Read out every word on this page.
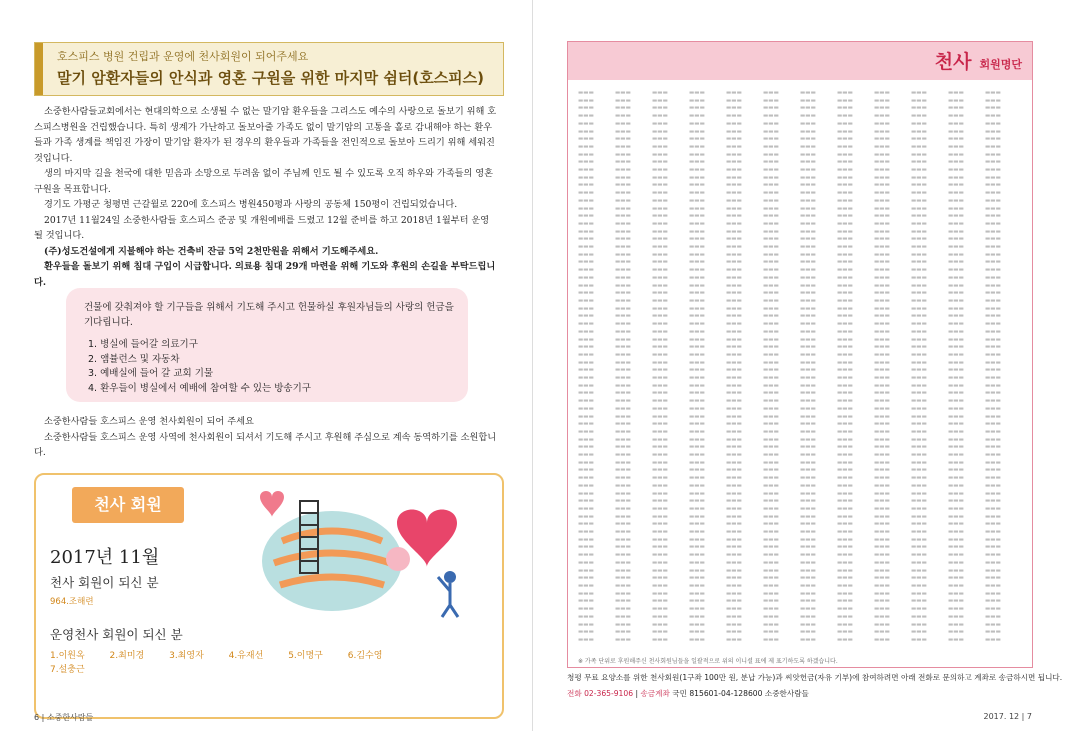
호스피스 병원 건립과 운영에 천사회원이 되어주세요
말기 암환자들의 안식과 영혼 구원을 위한 마지막 쉼터(호스피스)

소중한사람들교회에서는 현대의학으로 소생될 수 없는 말기암 환우들을 그리스도 예수의 사랑으로 돌보기 위해 호스피스병원을 건립했습니다. 특히 생계가 가난하고 돌보아줄 가족도 없이 말기암의 고통을 홀로 감내해야 하는 환우들과 가족 생계를 책임진 가장이 말기암 환자가 된 경우의 환우들과 가족들을 전인적으로 돌보아 드리기 위해 세워진 것입니다.

생의 마지막 길을 천국에 대한 믿음과 소망으로 두려움 없이 주님께 인도 될 수 있도록 오직 하우와 가족들의 영혼 구원을 목표합니다.

경기도 가평군 청평면 근갈월로 220에 호스피스 병원450평과 사랑의 공동체 150평이 건립되었습니다.

2017년 11월24일 소중한사람들 호스피스 준공 및 개원예배를 드렸고 12월 준비를 하고 2018년 1월부터 운영될 것입니다.

(주)성도건설에게 지불해야 하는 건축비 잔금 5억 2천만원을 위해서 기도해주세요.

환우들을 돌보기 위해 침대 구입이 시급합니다. 의료용 침대 29개 마련을 위해 기도와 후원의 손길을 부탁드립니다.

건물에 갖춰져야 할 기구들을 위해서 기도해 주시고 헌물하실 후원자님들의 사랑의 헌금을 기다립니다.
1. 병실에 들어갈 의료기구
2. 앰뷸런스 및 자동차
3. 예배실에 들어 갈 교회 기물
4. 환우들이 병실에서 예배에 참여할 수 있는 방송기구

소중한사람들 호스피스 운영 천사회원이 되어 주세요

소중한사람들 호스피스 운영 사역에 천사회원이 되셔서 기도해 주시고 후원해 주심으로 계속 동역하기를 소원합니다.

천사 회원
2017년 11월
천사 회원이 되신 분
964.조해련
운영천사 회원이 되신 분
1.이원옥	2.최미경	3.최영자	4.유재선	5.이명구	6.김수영
7.설충근
6 | 소중한사람들
천사 회원명단
▬▬▬	▬▬▬	▬▬▬	▬▬▬	▬▬▬	▬▬▬	▬▬▬	▬▬▬	▬▬▬	▬▬▬	▬▬▬	▬▬▬
▬▬▬	▬▬▬	▬▬▬	▬▬▬	▬▬▬	▬▬▬	▬▬▬	▬▬▬	▬▬▬	▬▬▬	▬▬▬	▬▬▬
▬▬▬	▬▬▬	▬▬▬	▬▬▬	▬▬▬	▬▬▬	▬▬▬	▬▬▬	▬▬▬	▬▬▬	▬▬▬	▬▬▬
▬▬▬	▬▬▬	▬▬▬	▬▬▬	▬▬▬	▬▬▬	▬▬▬	▬▬▬	▬▬▬	▬▬▬	▬▬▬	▬▬▬
▬▬▬	▬▬▬	▬▬▬	▬▬▬	▬▬▬	▬▬▬	▬▬▬	▬▬▬	▬▬▬	▬▬▬	▬▬▬	▬▬▬
▬▬▬	▬▬▬	▬▬▬	▬▬▬	▬▬▬	▬▬▬	▬▬▬	▬▬▬	▬▬▬	▬▬▬	▬▬▬	▬▬▬
▬▬▬	▬▬▬	▬▬▬	▬▬▬	▬▬▬	▬▬▬	▬▬▬	▬▬▬	▬▬▬	▬▬▬	▬▬▬	▬▬▬
▬▬▬	▬▬▬	▬▬▬	▬▬▬	▬▬▬	▬▬▬	▬▬▬	▬▬▬	▬▬▬	▬▬▬	▬▬▬	▬▬▬
▬▬▬	▬▬▬	▬▬▬	▬▬▬	▬▬▬	▬▬▬	▬▬▬	▬▬▬	▬▬▬	▬▬▬	▬▬▬	▬▬▬
▬▬▬	▬▬▬	▬▬▬	▬▬▬	▬▬▬	▬▬▬	▬▬▬	▬▬▬	▬▬▬	▬▬▬	▬▬▬	▬▬▬
▬▬▬	▬▬▬	▬▬▬	▬▬▬	▬▬▬	▬▬▬	▬▬▬	▬▬▬	▬▬▬	▬▬▬	▬▬▬	▬▬▬
▬▬▬	▬▬▬	▬▬▬	▬▬▬	▬▬▬	▬▬▬	▬▬▬	▬▬▬	▬▬▬	▬▬▬	▬▬▬	▬▬▬
▬▬▬	▬▬▬	▬▬▬	▬▬▬	▬▬▬	▬▬▬	▬▬▬	▬▬▬	▬▬▬	▬▬▬	▬▬▬	▬▬▬
▬▬▬	▬▬▬	▬▬▬	▬▬▬	▬▬▬	▬▬▬	▬▬▬	▬▬▬	▬▬▬	▬▬▬	▬▬▬	▬▬▬
▬▬▬	▬▬▬	▬▬▬	▬▬▬	▬▬▬	▬▬▬	▬▬▬	▬▬▬	▬▬▬	▬▬▬	▬▬▬	▬▬▬
▬▬▬	▬▬▬	▬▬▬	▬▬▬	▬▬▬	▬▬▬	▬▬▬	▬▬▬	▬▬▬	▬▬▬	▬▬▬	▬▬▬
▬▬▬	▬▬▬	▬▬▬	▬▬▬	▬▬▬	▬▬▬	▬▬▬	▬▬▬	▬▬▬	▬▬▬	▬▬▬	▬▬▬
▬▬▬	▬▬▬	▬▬▬	▬▬▬	▬▬▬	▬▬▬	▬▬▬	▬▬▬	▬▬▬	▬▬▬	▬▬▬	▬▬▬
▬▬▬	▬▬▬	▬▬▬	▬▬▬	▬▬▬	▬▬▬	▬▬▬	▬▬▬	▬▬▬	▬▬▬	▬▬▬	▬▬▬
▬▬▬	▬▬▬	▬▬▬	▬▬▬	▬▬▬	▬▬▬	▬▬▬	▬▬▬	▬▬▬	▬▬▬	▬▬▬	▬▬▬
▬▬▬	▬▬▬	▬▬▬	▬▬▬	▬▬▬	▬▬▬	▬▬▬	▬▬▬	▬▬▬	▬▬▬	▬▬▬	▬▬▬
▬▬▬	▬▬▬	▬▬▬	▬▬▬	▬▬▬	▬▬▬	▬▬▬	▬▬▬	▬▬▬	▬▬▬	▬▬▬	▬▬▬
▬▬▬	▬▬▬	▬▬▬	▬▬▬	▬▬▬	▬▬▬	▬▬▬	▬▬▬	▬▬▬	▬▬▬	▬▬▬	▬▬▬
▬▬▬	▬▬▬	▬▬▬	▬▬▬	▬▬▬	▬▬▬	▬▬▬	▬▬▬	▬▬▬	▬▬▬	▬▬▬	▬▬▬
▬▬▬	▬▬▬	▬▬▬	▬▬▬	▬▬▬	▬▬▬	▬▬▬	▬▬▬	▬▬▬	▬▬▬	▬▬▬	▬▬▬
▬▬▬	▬▬▬	▬▬▬	▬▬▬	▬▬▬	▬▬▬	▬▬▬	▬▬▬	▬▬▬	▬▬▬	▬▬▬	▬▬▬
▬▬▬	▬▬▬	▬▬▬	▬▬▬	▬▬▬	▬▬▬	▬▬▬	▬▬▬	▬▬▬	▬▬▬	▬▬▬	▬▬▬
▬▬▬	▬▬▬	▬▬▬	▬▬▬	▬▬▬	▬▬▬	▬▬▬	▬▬▬	▬▬▬	▬▬▬	▬▬▬	▬▬▬
▬▬▬	▬▬▬	▬▬▬	▬▬▬	▬▬▬	▬▬▬	▬▬▬	▬▬▬	▬▬▬	▬▬▬	▬▬▬	▬▬▬
▬▬▬	▬▬▬	▬▬▬	▬▬▬	▬▬▬	▬▬▬	▬▬▬	▬▬▬	▬▬▬	▬▬▬	▬▬▬	▬▬▬
▬▬▬	▬▬▬	▬▬▬	▬▬▬	▬▬▬	▬▬▬	▬▬▬	▬▬▬	▬▬▬	▬▬▬	▬▬▬	▬▬▬
▬▬▬	▬▬▬	▬▬▬	▬▬▬	▬▬▬	▬▬▬	▬▬▬	▬▬▬	▬▬▬	▬▬▬	▬▬▬	▬▬▬
▬▬▬	▬▬▬	▬▬▬	▬▬▬	▬▬▬	▬▬▬	▬▬▬	▬▬▬	▬▬▬	▬▬▬	▬▬▬	▬▬▬
▬▬▬	▬▬▬	▬▬▬	▬▬▬	▬▬▬	▬▬▬	▬▬▬	▬▬▬	▬▬▬	▬▬▬	▬▬▬	▬▬▬
▬▬▬	▬▬▬	▬▬▬	▬▬▬	▬▬▬	▬▬▬	▬▬▬	▬▬▬	▬▬▬	▬▬▬	▬▬▬	▬▬▬
▬▬▬	▬▬▬	▬▬▬	▬▬▬	▬▬▬	▬▬▬	▬▬▬	▬▬▬	▬▬▬	▬▬▬	▬▬▬	▬▬▬
▬▬▬	▬▬▬	▬▬▬	▬▬▬	▬▬▬	▬▬▬	▬▬▬	▬▬▬	▬▬▬	▬▬▬	▬▬▬	▬▬▬
▬▬▬	▬▬▬	▬▬▬	▬▬▬	▬▬▬	▬▬▬	▬▬▬	▬▬▬	▬▬▬	▬▬▬	▬▬▬	▬▬▬
▬▬▬	▬▬▬	▬▬▬	▬▬▬	▬▬▬	▬▬▬	▬▬▬	▬▬▬	▬▬▬	▬▬▬	▬▬▬	▬▬▬
▬▬▬	▬▬▬	▬▬▬	▬▬▬	▬▬▬	▬▬▬	▬▬▬	▬▬▬	▬▬▬	▬▬▬	▬▬▬	▬▬▬
▬▬▬	▬▬▬	▬▬▬	▬▬▬	▬▬▬	▬▬▬	▬▬▬	▬▬▬	▬▬▬	▬▬▬	▬▬▬	▬▬▬
▬▬▬	▬▬▬	▬▬▬	▬▬▬	▬▬▬	▬▬▬	▬▬▬	▬▬▬	▬▬▬	▬▬▬	▬▬▬	▬▬▬
▬▬▬	▬▬▬	▬▬▬	▬▬▬	▬▬▬	▬▬▬	▬▬▬	▬▬▬	▬▬▬	▬▬▬	▬▬▬	▬▬▬
▬▬▬	▬▬▬	▬▬▬	▬▬▬	▬▬▬	▬▬▬	▬▬▬	▬▬▬	▬▬▬	▬▬▬	▬▬▬	▬▬▬
▬▬▬	▬▬▬	▬▬▬	▬▬▬	▬▬▬	▬▬▬	▬▬▬	▬▬▬	▬▬▬	▬▬▬	▬▬▬	▬▬▬
▬▬▬	▬▬▬	▬▬▬	▬▬▬	▬▬▬	▬▬▬	▬▬▬	▬▬▬	▬▬▬	▬▬▬	▬▬▬	▬▬▬
▬▬▬	▬▬▬	▬▬▬	▬▬▬	▬▬▬	▬▬▬	▬▬▬	▬▬▬	▬▬▬	▬▬▬	▬▬▬	▬▬▬
▬▬▬	▬▬▬	▬▬▬	▬▬▬	▬▬▬	▬▬▬	▬▬▬	▬▬▬	▬▬▬	▬▬▬	▬▬▬	▬▬▬
▬▬▬	▬▬▬	▬▬▬	▬▬▬	▬▬▬	▬▬▬	▬▬▬	▬▬▬	▬▬▬	▬▬▬	▬▬▬	▬▬▬
▬▬▬	▬▬▬	▬▬▬	▬▬▬	▬▬▬	▬▬▬	▬▬▬	▬▬▬	▬▬▬	▬▬▬	▬▬▬	▬▬▬
▬▬▬	▬▬▬	▬▬▬	▬▬▬	▬▬▬	▬▬▬	▬▬▬	▬▬▬	▬▬▬	▬▬▬	▬▬▬	▬▬▬
▬▬▬	▬▬▬	▬▬▬	▬▬▬	▬▬▬	▬▬▬	▬▬▬	▬▬▬	▬▬▬	▬▬▬	▬▬▬	▬▬▬
▬▬▬	▬▬▬	▬▬▬	▬▬▬	▬▬▬	▬▬▬	▬▬▬	▬▬▬	▬▬▬	▬▬▬	▬▬▬	▬▬▬
▬▬▬	▬▬▬	▬▬▬	▬▬▬	▬▬▬	▬▬▬	▬▬▬	▬▬▬	▬▬▬	▬▬▬	▬▬▬	▬▬▬
▬▬▬	▬▬▬	▬▬▬	▬▬▬	▬▬▬	▬▬▬	▬▬▬	▬▬▬	▬▬▬	▬▬▬	▬▬▬	▬▬▬
▬▬▬	▬▬▬	▬▬▬	▬▬▬	▬▬▬	▬▬▬	▬▬▬	▬▬▬	▬▬▬	▬▬▬	▬▬▬	▬▬▬
▬▬▬	▬▬▬	▬▬▬	▬▬▬	▬▬▬	▬▬▬	▬▬▬	▬▬▬	▬▬▬	▬▬▬	▬▬▬	▬▬▬
▬▬▬	▬▬▬	▬▬▬	▬▬▬	▬▬▬	▬▬▬	▬▬▬	▬▬▬	▬▬▬	▬▬▬	▬▬▬	▬▬▬
▬▬▬	▬▬▬	▬▬▬	▬▬▬	▬▬▬	▬▬▬	▬▬▬	▬▬▬	▬▬▬	▬▬▬	▬▬▬	▬▬▬
▬▬▬	▬▬▬	▬▬▬	▬▬▬	▬▬▬	▬▬▬	▬▬▬	▬▬▬	▬▬▬	▬▬▬	▬▬▬	▬▬▬
▬▬▬	▬▬▬	▬▬▬	▬▬▬	▬▬▬	▬▬▬	▬▬▬	▬▬▬	▬▬▬	▬▬▬	▬▬▬	▬▬▬
▬▬▬	▬▬▬	▬▬▬	▬▬▬	▬▬▬	▬▬▬	▬▬▬	▬▬▬	▬▬▬	▬▬▬	▬▬▬	▬▬▬
▬▬▬	▬▬▬	▬▬▬	▬▬▬	▬▬▬	▬▬▬	▬▬▬	▬▬▬	▬▬▬	▬▬▬	▬▬▬	▬▬▬
▬▬▬	▬▬▬	▬▬▬	▬▬▬	▬▬▬	▬▬▬	▬▬▬	▬▬▬	▬▬▬	▬▬▬	▬▬▬	▬▬▬
▬▬▬	▬▬▬	▬▬▬	▬▬▬	▬▬▬	▬▬▬	▬▬▬	▬▬▬	▬▬▬	▬▬▬	▬▬▬	▬▬▬
▬▬▬	▬▬▬	▬▬▬	▬▬▬	▬▬▬	▬▬▬	▬▬▬	▬▬▬	▬▬▬	▬▬▬	▬▬▬	▬▬▬
▬▬▬	▬▬▬	▬▬▬	▬▬▬	▬▬▬	▬▬▬	▬▬▬	▬▬▬	▬▬▬	▬▬▬	▬▬▬	▬▬▬
▬▬▬	▬▬▬	▬▬▬	▬▬▬	▬▬▬	▬▬▬	▬▬▬	▬▬▬	▬▬▬	▬▬▬	▬▬▬	▬▬▬
▬▬▬	▬▬▬	▬▬▬	▬▬▬	▬▬▬	▬▬▬	▬▬▬	▬▬▬	▬▬▬	▬▬▬	▬▬▬	▬▬▬
▬▬▬	▬▬▬	▬▬▬	▬▬▬	▬▬▬	▬▬▬	▬▬▬	▬▬▬	▬▬▬	▬▬▬	▬▬▬	▬▬▬
▬▬▬	▬▬▬	▬▬▬	▬▬▬	▬▬▬	▬▬▬	▬▬▬	▬▬▬	▬▬▬	▬▬▬	▬▬▬	▬▬▬
▬▬▬	▬▬▬	▬▬▬	▬▬▬	▬▬▬	▬▬▬	▬▬▬	▬▬▬	▬▬▬	▬▬▬	▬▬▬	▬▬▬
※ 가족 단위로 후원해주신 천사회원님들을 일괄적으로 위의 이니셜 표에 제 표기하도록 하겠습니다.
청평 무료 요양소를 위한 천사회원(1구좌 100만 원, 분납 가능)과 씨앗헌금(자유 기부)에 참여하려면 아래 전화로 문의하고 계좌로 송금하시면 됩니다.
전화 02-365-9106 | 송금계좌 국민 815601-04-128600 소중한사람들
2017. 12 | 7
